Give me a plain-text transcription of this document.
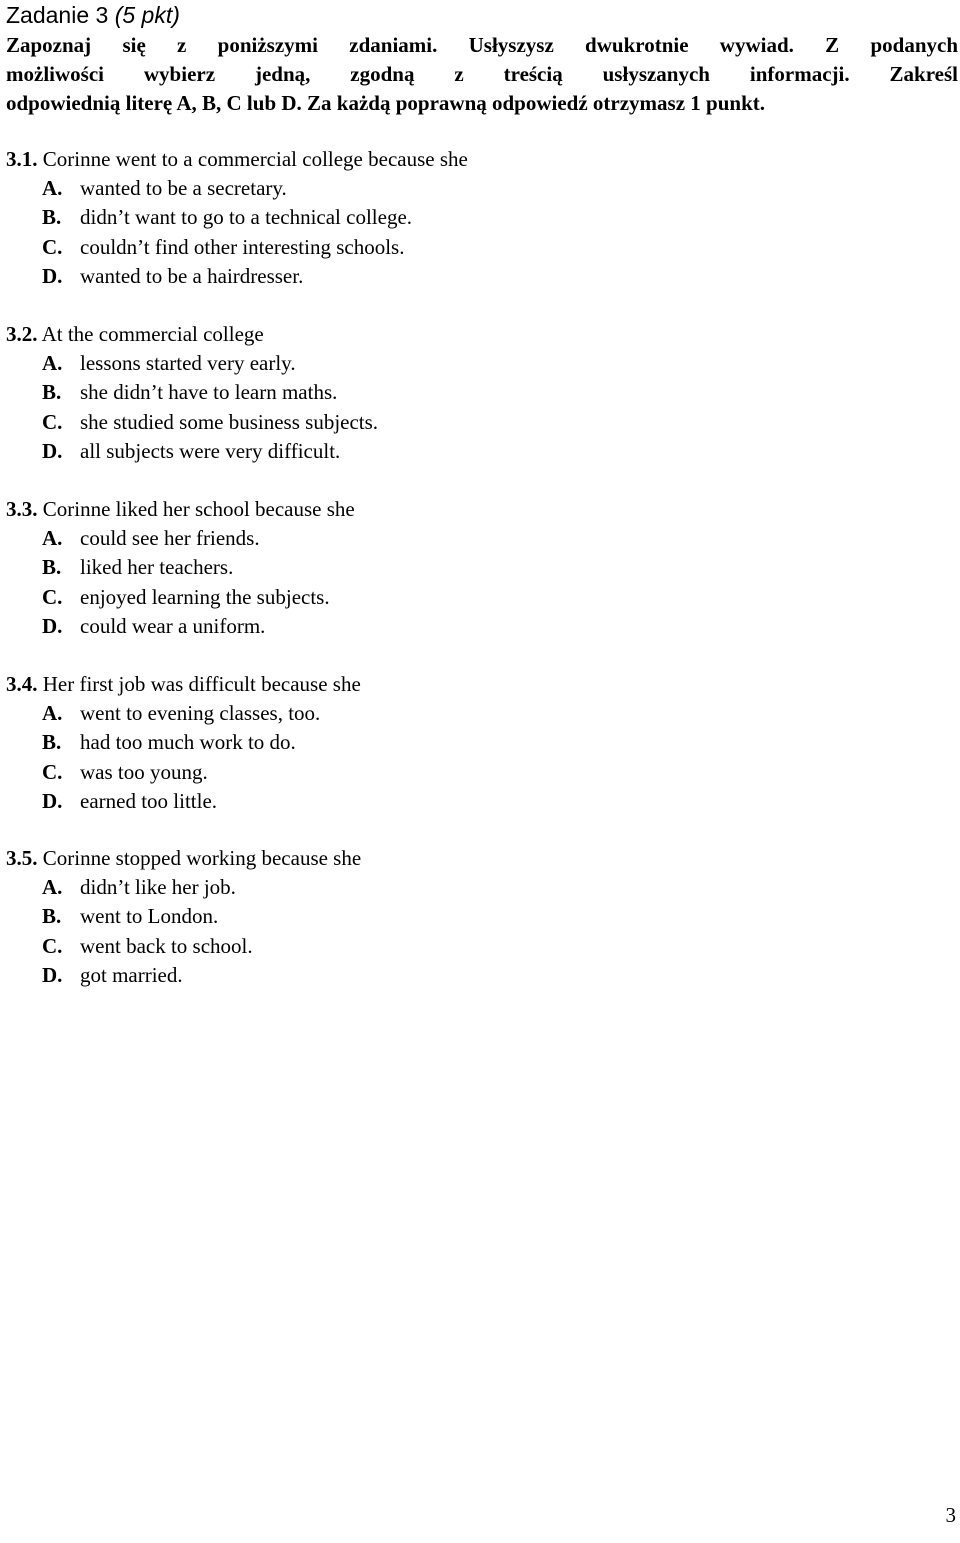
Zadanie 3 (5 pkt)
Zapoznaj się z poniższymi zdaniami. Usłyszysz dwukrotnie wywiad. Z podanych
możliwości wybierz jedną, zgodną z treścią usłyszanych informacji. Zakreśl
odpowiednią literę A, B, C lub D. Za każdą poprawną odpowiedź otrzymasz 1 punkt.
3.1. Corinne went to a commercial college because she
A. wanted to be a secretary.
B. didn’t want to go to a technical college.
C. couldn’t find other interesting schools.
D. wanted to be a hairdresser.
3.2. At the commercial college
A. lessons started very early.
B. she didn’t have to learn maths.
C. she studied some business subjects.
D. all subjects were very difficult.
3.3. Corinne liked her school because she
A. could see her friends.
B. liked her teachers.
C. enjoyed learning the subjects.
D. could wear a uniform.
3.4. Her first job was difficult because she
A. went to evening classes, too.
B. had too much work to do.
C. was too young.
D. earned too little.
3.5. Corinne stopped working because she
A. didn’t like her job.
B. went to London.
C. went back to school.
D. got married.
3
